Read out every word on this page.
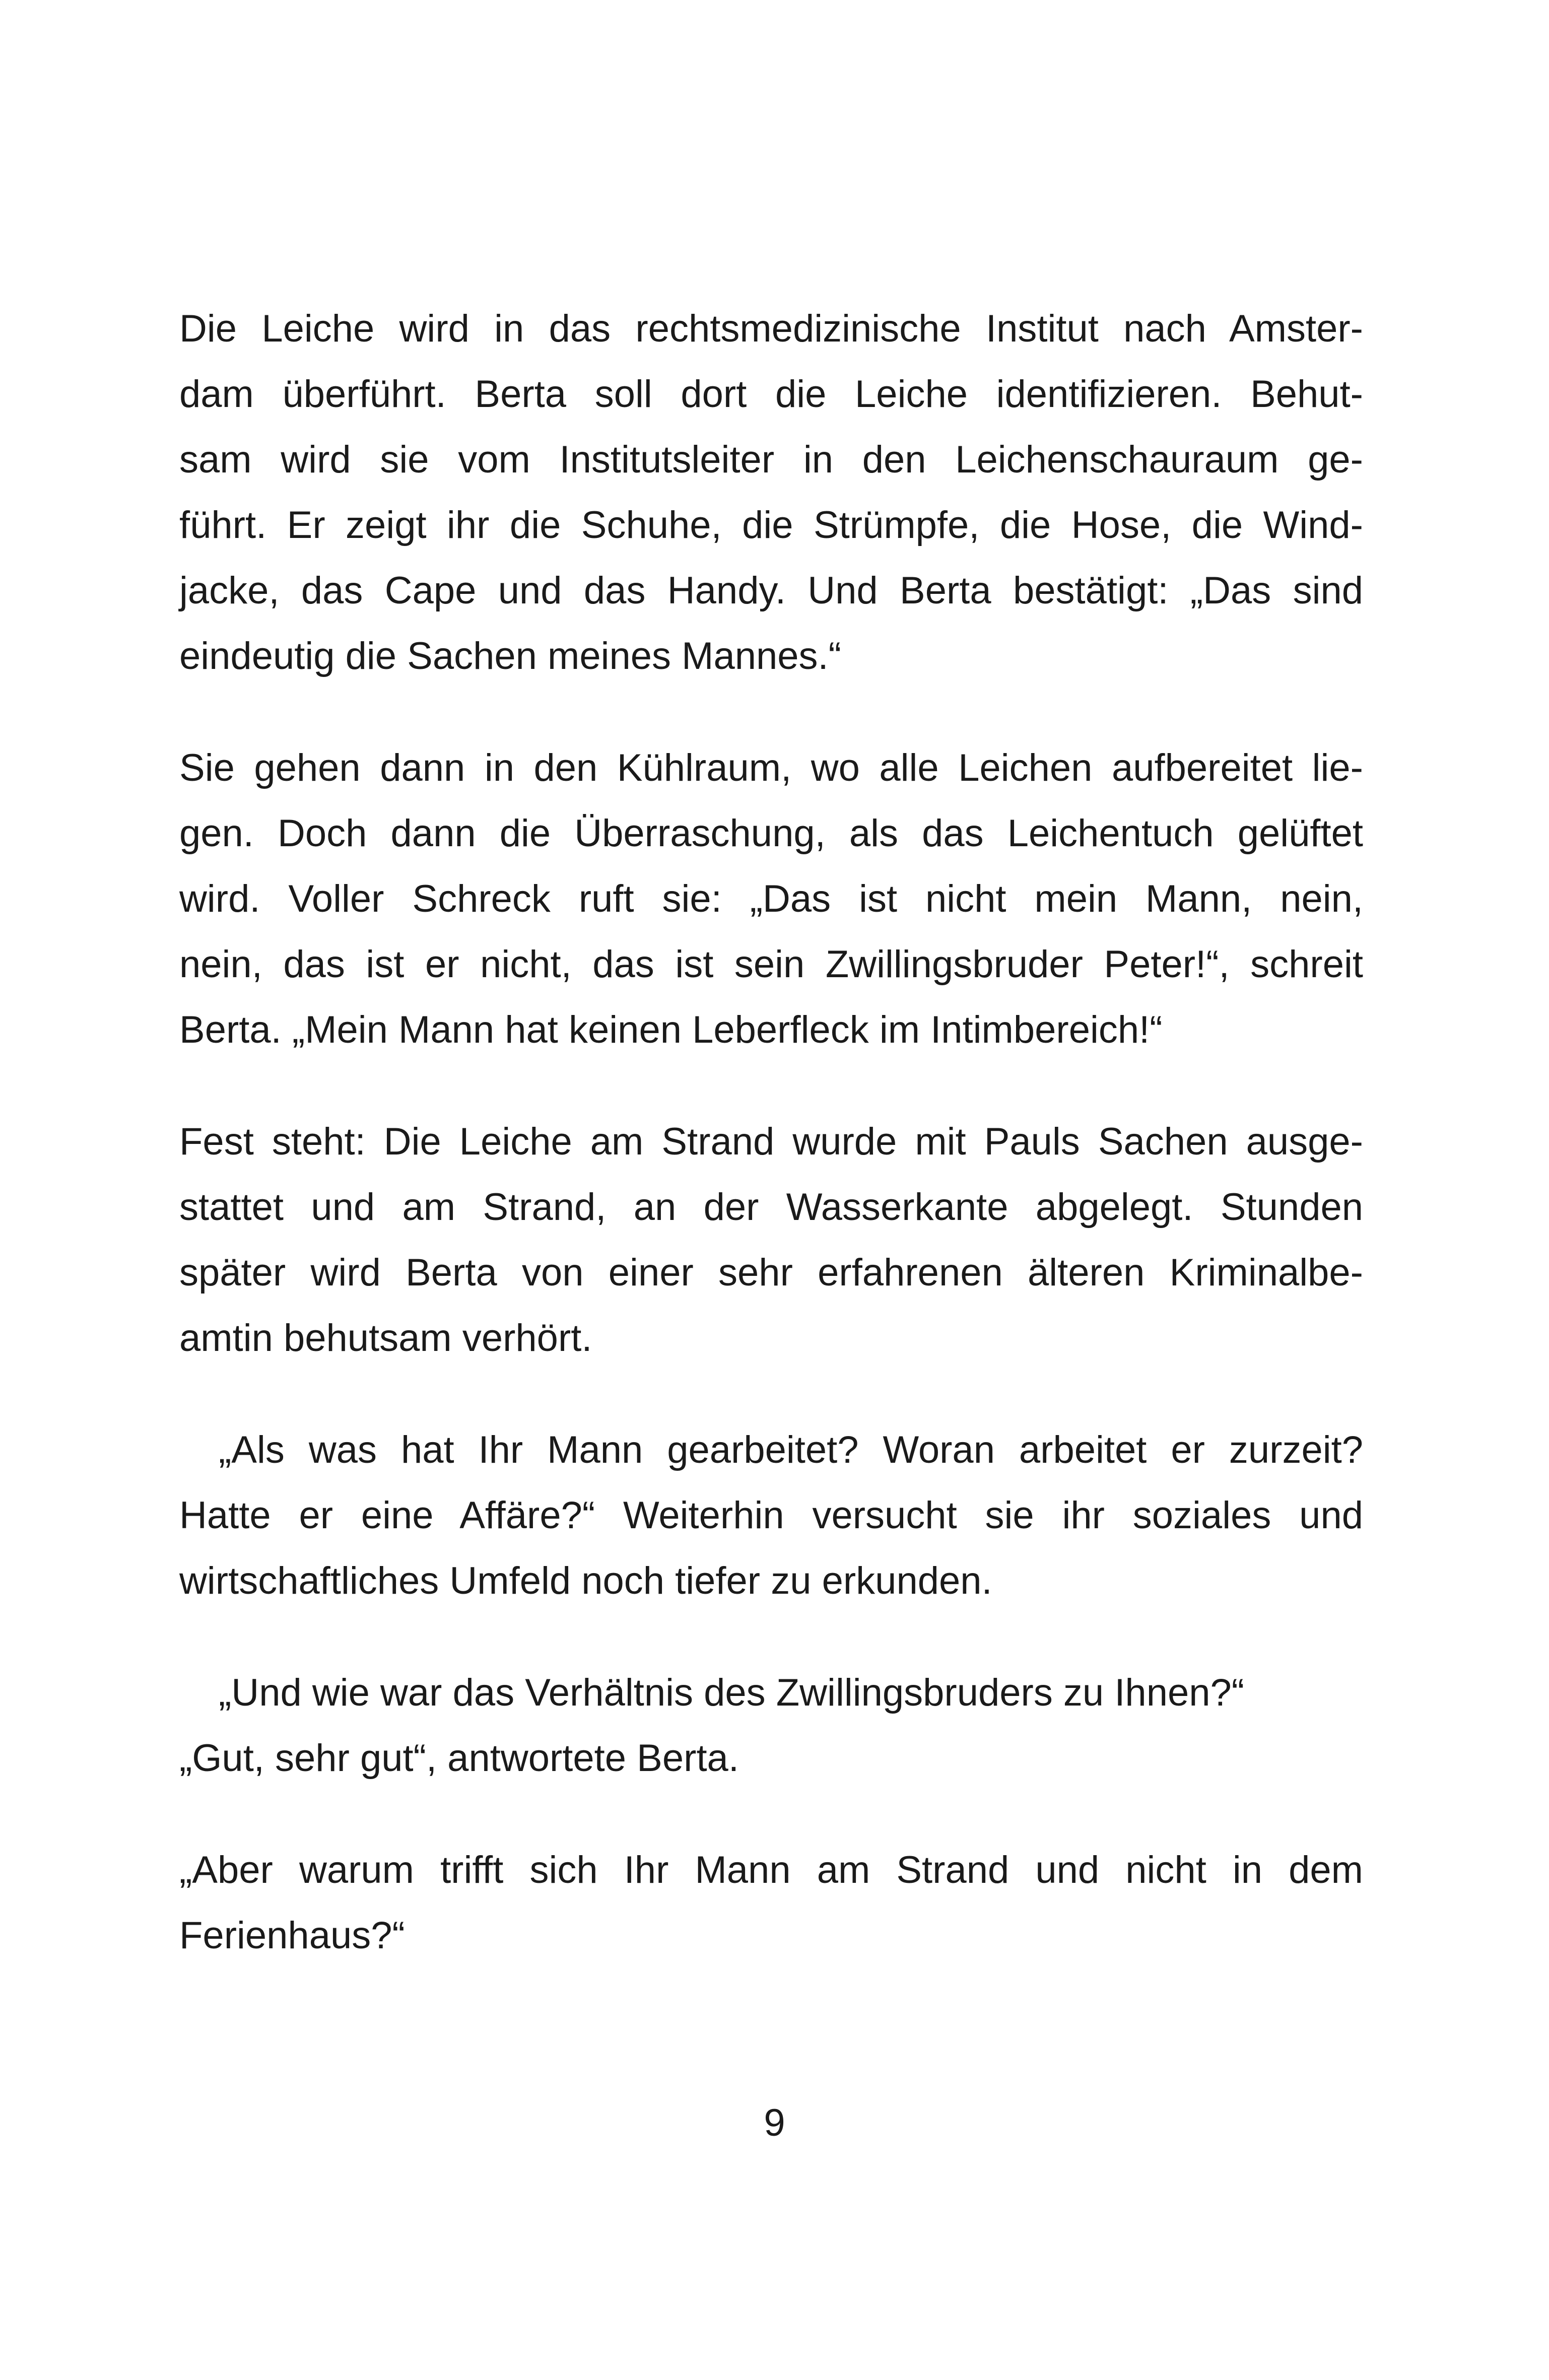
Die Leiche wird in das rechtsmedizinische Institut nach Amster-
dam überführt. Berta soll dort die Leiche identifizieren. Behut-
sam wird sie vom Institutsleiter in den Leichenschauraum ge-
führt. Er zeigt ihr die Schuhe, die Strümpfe, die Hose, die Wind-
jacke, das Cape und das Handy. Und Berta bestätigt: „Das sind
eindeutig die Sachen meines Mannes.“

Sie gehen dann in den Kühlraum, wo alle Leichen aufbereitet lie-
gen. Doch dann die Überraschung, als das Leichentuch gelüftet
wird. Voller Schreck ruft sie: „Das ist nicht mein Mann, nein,
nein, das ist er nicht, das ist sein Zwillingsbruder Peter!“, schreit
Berta. „Mein Mann hat keinen Leberfleck im Intimbereich!“

Fest steht: Die Leiche am Strand wurde mit Pauls Sachen ausge-
stattet und am Strand, an der Wasserkante abgelegt. Stunden
später wird Berta von einer sehr erfahrenen älteren Kriminalbe-
amtin behutsam verhört.

„Als was hat Ihr Mann gearbeitet? Woran arbeitet er zurzeit?
Hatte er eine Affäre?“ Weiterhin versucht sie ihr soziales und
wirtschaftliches Umfeld noch tiefer zu erkunden.

„Und wie war das Verhältnis des Zwillingsbruders zu Ihnen?“
„Gut, sehr gut“, antwortete Berta.

„Aber warum trifft sich Ihr Mann am Strand und nicht in dem
Ferienhaus?“

9
